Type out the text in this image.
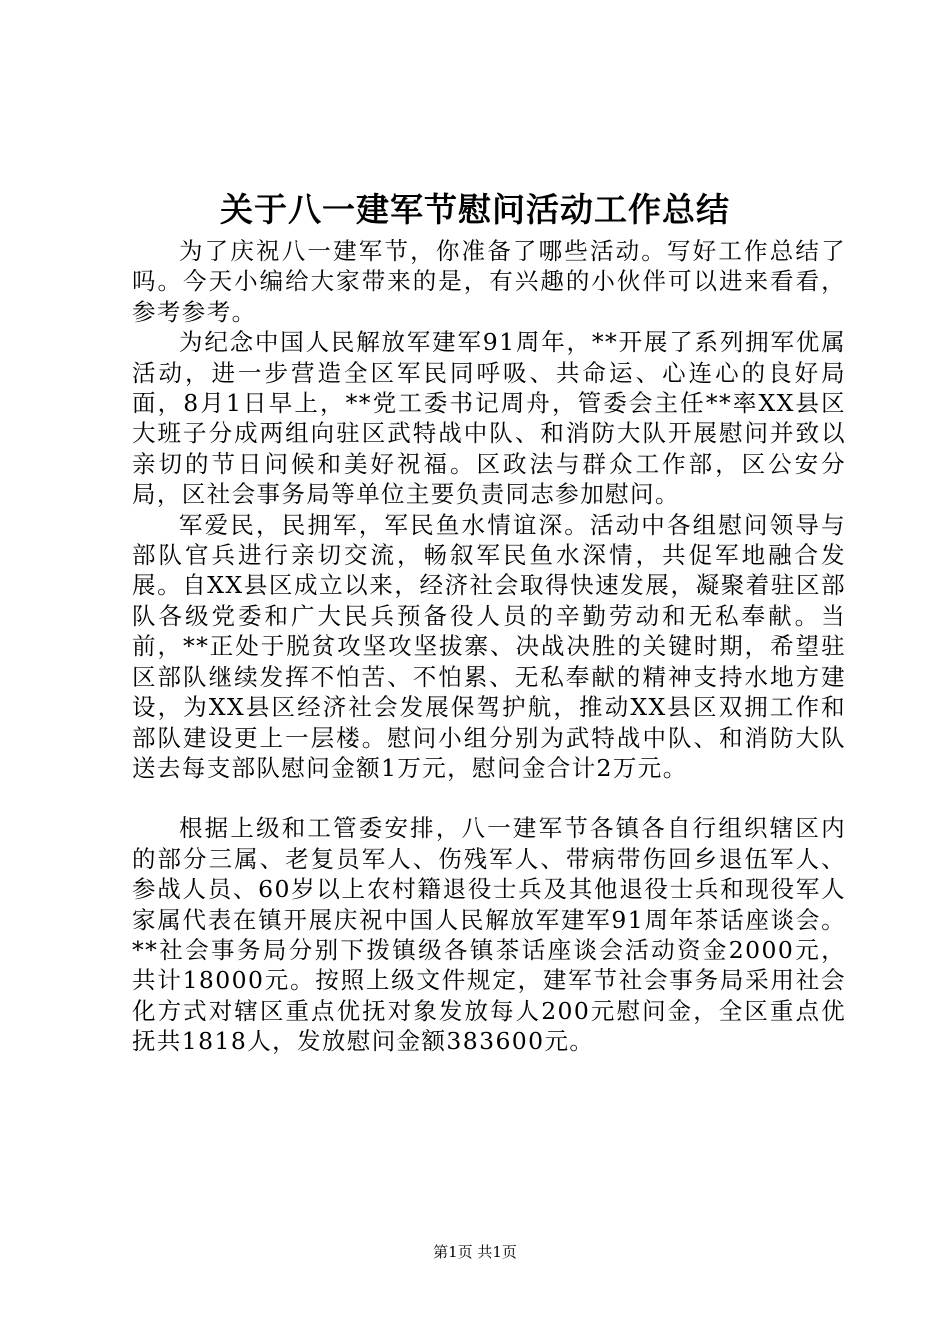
关于八一建军节慰问活动工作总结

为了庆祝八一建军节，你准备了哪些活动。写好工作总结了吗。今天小编给大家带来的是，有兴趣的小伙伴可以进来看看，参考参考。

为纪念中国人民解放军建军91周年，**开展了系列拥军优属活动，进一步营造全区军民同呼吸、共命运、心连心的良好局面，8月1日早上，**党工委书记周舟，管委会主任**率XX县区大班子分成两组向驻区武特战中队、和消防大队开展慰问并致以亲切的节日问候和美好祝福。区政法与群众工作部，区公安分局，区社会事务局等单位主要负责同志参加慰问。

军爱民，民拥军，军民鱼水情谊深。活动中各组慰问领导与部队官兵进行亲切交流，畅叙军民鱼水深情，共促军地融合发展。自XX县区成立以来，经济社会取得快速发展，凝聚着驻区部队各级党委和广大民兵预备役人员的辛勤劳动和无私奉献。当前，**正处于脱贫攻坚攻坚拔寨、决战决胜的关键时期，希望驻区部队继续发挥不怕苦、不怕累、无私奉献的精神支持水地方建设，为XX县区经济社会发展保驾护航，推动XX县区双拥工作和部队建设更上一层楼。慰问小组分别为武特战中队、和消防大队送去每支部队慰问金额1万元，慰问金合计2万元。

根据上级和工管委安排，八一建军节各镇各自行组织辖区内的部分三属、老复员军人、伤残军人、带病带伤回乡退伍军人、参战人员、60岁以上农村籍退役士兵及其他退役士兵和现役军人家属代表在镇开展庆祝中国人民解放军建军91周年茶话座谈会。**社会事务局分别下拨镇级各镇茶话座谈会活动资金2000元，共计18000元。按照上级文件规定，建军节社会事务局采用社会化方式对辖区重点优抚对象发放每人200元慰问金，全区重点优抚共1818人，发放慰问金额383600元。

第1页 共1页
